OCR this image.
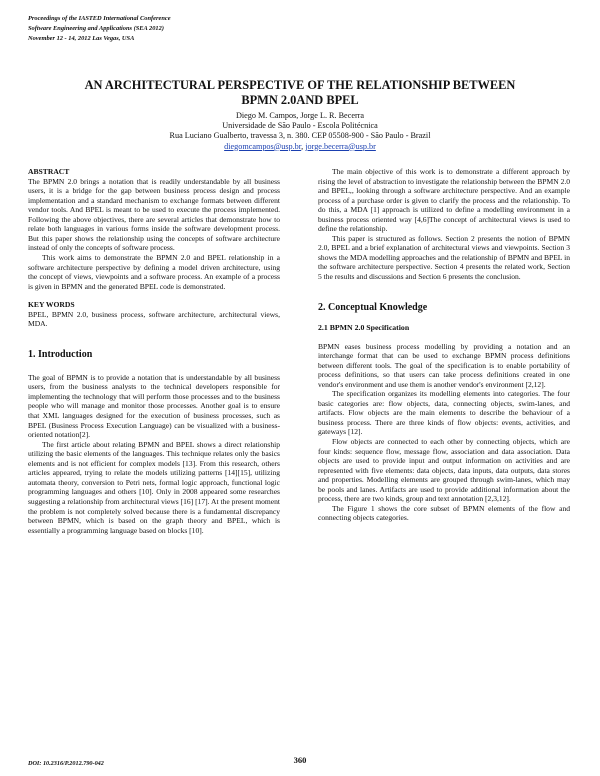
Proceedings of the IASTED International Conference
Software Engineering and Applications (SEA 2012)
November 12 - 14, 2012 Las Vegas, USA
AN ARCHITECTURAL PERSPECTIVE OF THE RELATIONSHIP BETWEEN
BPMN 2.0AND BPEL
Diego M. Campos, Jorge L. R. Becerra
Universidade de São Paulo - Escola Politécnica
Rua Luciano Gualberto, travessa 3, n. 380. CEP 05508-900 - São Paulo - Brazil
diegomcampos@usp.br, jorge.becerra@usp.br

ABSTRACT

The BPMN 2.0 brings a notation that is readily understandable by all business users, it is a bridge for the gap between business process design and process implementation and a standard mechanism to exchange formats between different vendor tools. And BPEL is meant to be used to execute the process implemented. Following the above objectives, there are several articles that demonstrate how to relate both languages in various forms inside the software development process. But this paper shows the relationship using the concepts of software architecture instead of only the concepts of software process.

This work aims to demonstrate the BPMN 2.0 and BPEL relationship in a software architecture perspective by defining a model driven architecture, using the concept of views, viewpoints and a software process. An example of a process is given in BPMN and the generated BPEL code is demonstrated.

KEY WORDS

BPEL, BPMN 2.0, business process, software architecture, architectural views, MDA.

1. Introduction

The goal of BPMN is to provide a notation that is understandable by all business users, from the business analysts to the technical developers responsible for implementing the technology that will perform those processes and to the business people who will manage and monitor those processes. Another goal is to ensure that XML languages designed for the execution of business processes, such as BPEL (Business Process Execution Language) can be visualized with a business-oriented notation[2].

The first article about relating BPMN and BPEL shows a direct relationship utilizing the basic elements of the languages. This technique relates only the basics elements and is not efficient for complex models [13]. From this research, others articles appeared, trying to relate the models utilizing patterns [14][15], utilizing automata theory, conversion to Petri nets, formal logic approach, functional logic programming languages and others [10]. Only in 2008 appeared some researches suggesting a relationship from architectural views [16] [17]. At the present moment the problem is not completely solved because there is a fundamental discrepancy between BPMN, which is based on the graph theory and BPEL, which is essentially a programming language based on blocks [10].

The main objective of this work is to demonstrate a different approach by rising the level of abstraction to investigate the relationship between the BPMN 2.0 and BPEL,, looking through a software architecture perspective. And an example process of a purchase order is given to clarify the process and the relationship. To do this, a MDA [1] approach is utilized to define a modelling environment in a business process oriented way [4,6]The concept of architectural views is used to define the relationship.

This paper is structured as follows. Section 2 presents the notion of BPMN 2.0, BPEL and a brief explanation of architectural views and viewpoints. Section 3 shows the MDA modelling approaches and the relationship of BPMN and BPEL in the software architecture perspective. Section 4 presents the related work, Section 5 the results and discussions and Section 6 presents the conclusion.

2. Conceptual Knowledge

2.1 BPMN 2.0 Specification

BPMN eases business process modelling by providing a notation and an interchange format that can be used to exchange BPMN process definitions between different tools. The goal of the specification is to enable portability of process definitions, so that users can take process definitions created in one vendor's environment and use them is another vendor's environment [2,12].

The specification organizes its modelling elements into categories. The four basic categories are: flow objects, data, connecting objects, swim-lanes, and artifacts. Flow objects are the main elements to describe the behaviour of a business process. There are three kinds of flow objects: events, activities, and gateways [12].

Flow objects are connected to each other by connecting objects, which are four kinds: sequence flow, message flow, association and data association. Data objects are used to provide input and output information on activities and are represented with five elements: data objects, data inputs, data outputs, data stores and properties. Modelling elements are grouped through swim-lanes, which may be pools and lanes. Artifacts are used to provide additional information about the process, there are two kinds, group and text annotation [2,3,12].

The Figure 1 shows the core subset of BPMN elements of the flow and connecting objects categories.

DOI: 10.2316/P.2012.790-042	360
